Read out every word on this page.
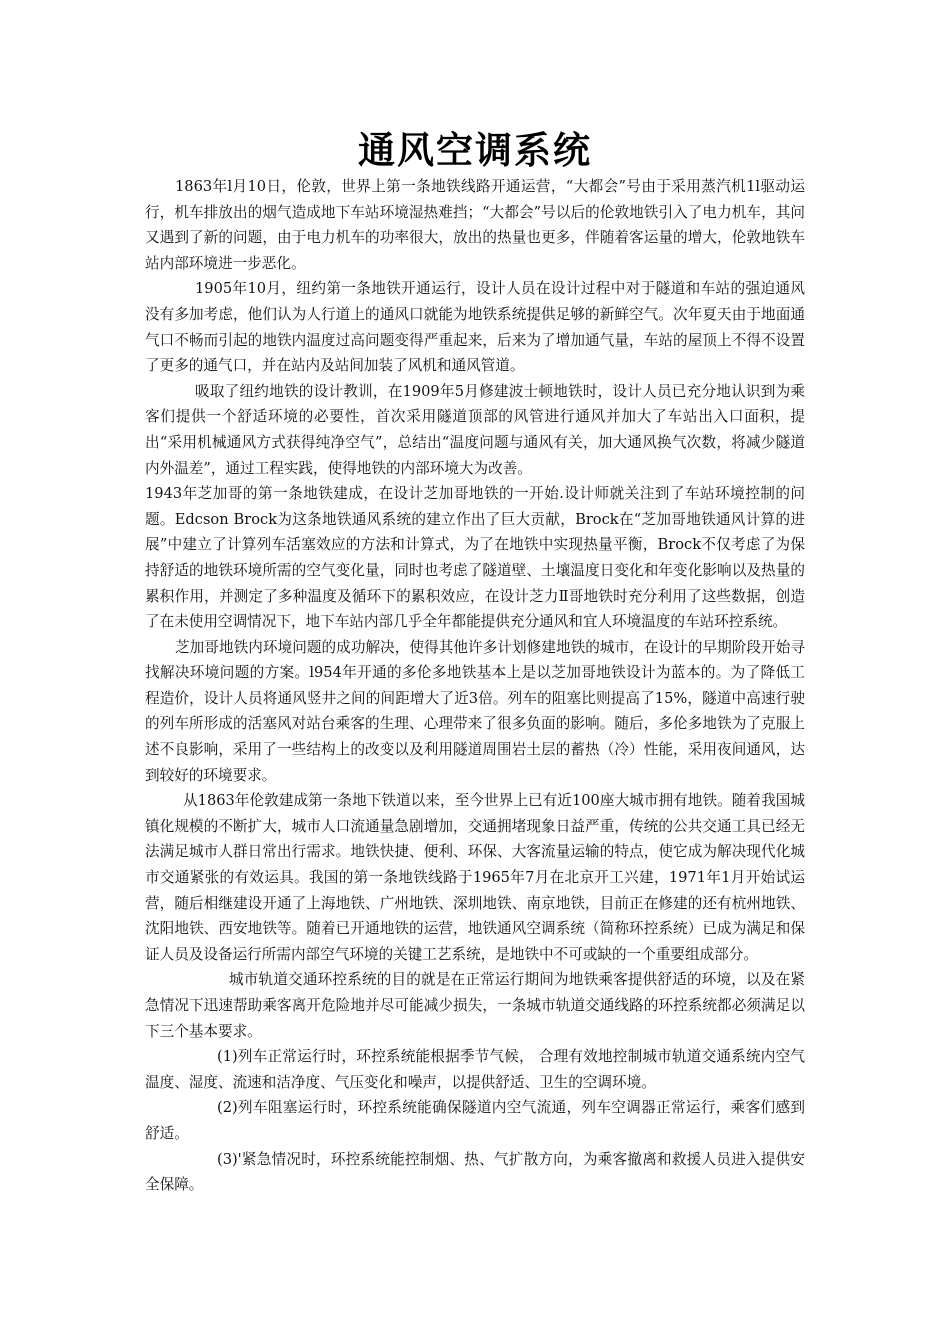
通风空调系统

1863年l月10日，伦敦，世界上第一条地铁线路开通运营，“大都会”号由于采用蒸汽机1l驱动运行，机车排放出的烟气造成地下车站环境湿热难挡；“大都会”号以后的伦敦地铁引入了电力机车，其问又遇到了新的问题，由于电力机车的功率很大，放出的热量也更多，伴随着客运量的增大，伦敦地铁车站内部环境进一步恶化。

1905年10月，纽约第一条地铁开通运行，设计人员在设计过程中对于隧道和车站的强迫通风没有多加考虑，他们认为人行道上的通风口就能为地铁系统提供足够的新鲜空气。次年夏天由于地面通气口不畅而引起的地铁内温度过高问题变得严重起来，后来为了增加通气量，车站的屋顶上不得不设置了更多的通气口，并在站内及站间加装了风机和通风管道。

吸取了纽约地铁的设计教训，在1909年5月修建波士顿地铁时，设计人员已充分地认识到为乘客们提供一个舒适环境的必要性，首次采用隧道顶部的风管进行通风并加大了车站出入口面积，提出“采用机械通风方式获得纯净空气”，总结出“温度问题与通风有关，加大通风换气次数，将减少隧道内外温差”，通过工程实践，使得地铁的内部环境大为改善。

1943年芝加哥的第一条地铁建成，在设计芝加哥地铁的一开始.设计师就关注到了车站环境控制的问题。Edcson Brock为这条地铁通风系统的建立作出了巨大贡献，Brock在“芝加哥地铁通风计算的进展”中建立了计算列车活塞效应的方法和计算式，为了在地铁中实现热量平衡，Brock不仅考虑了为保持舒适的地铁环境所需的空气变化量，同时也考虑了隧道壁、土壤温度日变化和年变化影响以及热量的累积作用，并测定了多种温度及循环下的累积效应，在设计芝力Ⅱ哥地铁时充分利用了这些数据，创造了在未使用空调情况下，地下车站内部几乎全年都能提供充分通风和宜人环境温度的车站环控系统。

芝加哥地铁内环境问题的成功解决，使得其他许多计划修建地铁的城市，在设计的早期阶段开始寻找解决环境问题的方案。l954年开通的多伦多地铁基本上是以芝加哥地铁设计为蓝本的。为了降低工程造价，设计人员将通风竖井之间的间距增大了近3倍。列车的阻塞比则提高了15%，隧道中高速行驶的列车所形成的活塞风对站台乘客的生理、心理带来了很多负面的影响。随后，多伦多地铁为了克服上述不良影响，采用了一些结构上的改变以及利用隧道周围岩土层的蓄热（冷）性能，采用夜间通风，达到较好的环境要求。

从1863年伦敦建成第一条地下铁道以来，至今世界上已有近100座大城市拥有地铁。随着我国城镇化规模的不断扩大，城市人口流通量急剧增加，交通拥堵现象日益严重，传统的公共交通工具已经无法满足城市人群日常出行需求。地铁快捷、便利、环保、大客流量运输的特点，使它成为解决现代化城市交通紧张的有效运具。我国的第一条地铁线路于1965年7月在北京开工兴建，1971年1月开始试运营，随后相继建设开通了上海地铁、广州地铁、深圳地铁、南京地铁，目前正在修建的还有杭州地铁、沈阳地铁、西安地铁等。随着已开通地铁的运营，地铁通风空调系统（简称环控系统）已成为满足和保证人员及设备运行所需内部空气环境的关键工艺系统，是地铁中不可或缺的一个重要组成部分。

城市轨道交通环控系统的目的就是在正常运行期间为地铁乘客提供舒适的环境，以及在紧急情况下迅速帮助乘客离开危险地并尽可能减少损失，一条城市轨道交通线路的环控系统都必须满足以下三个基本要求。

(1)列车正常运行时，环控系统能根据季节气候， 合理有效地控制城市轨道交通系统内空气温度、湿度、流速和洁净度、气压变化和噪声，以提供舒适、卫生的空调环境。

(2)列车阻塞运行时，环控系统能确保隧道内空气流通，列车空调器正常运行，乘客们感到舒适。

(3)'紧急情况时，环控系统能控制烟、热、气扩散方向，为乘客撤离和救援人员进入提供安全保障。
